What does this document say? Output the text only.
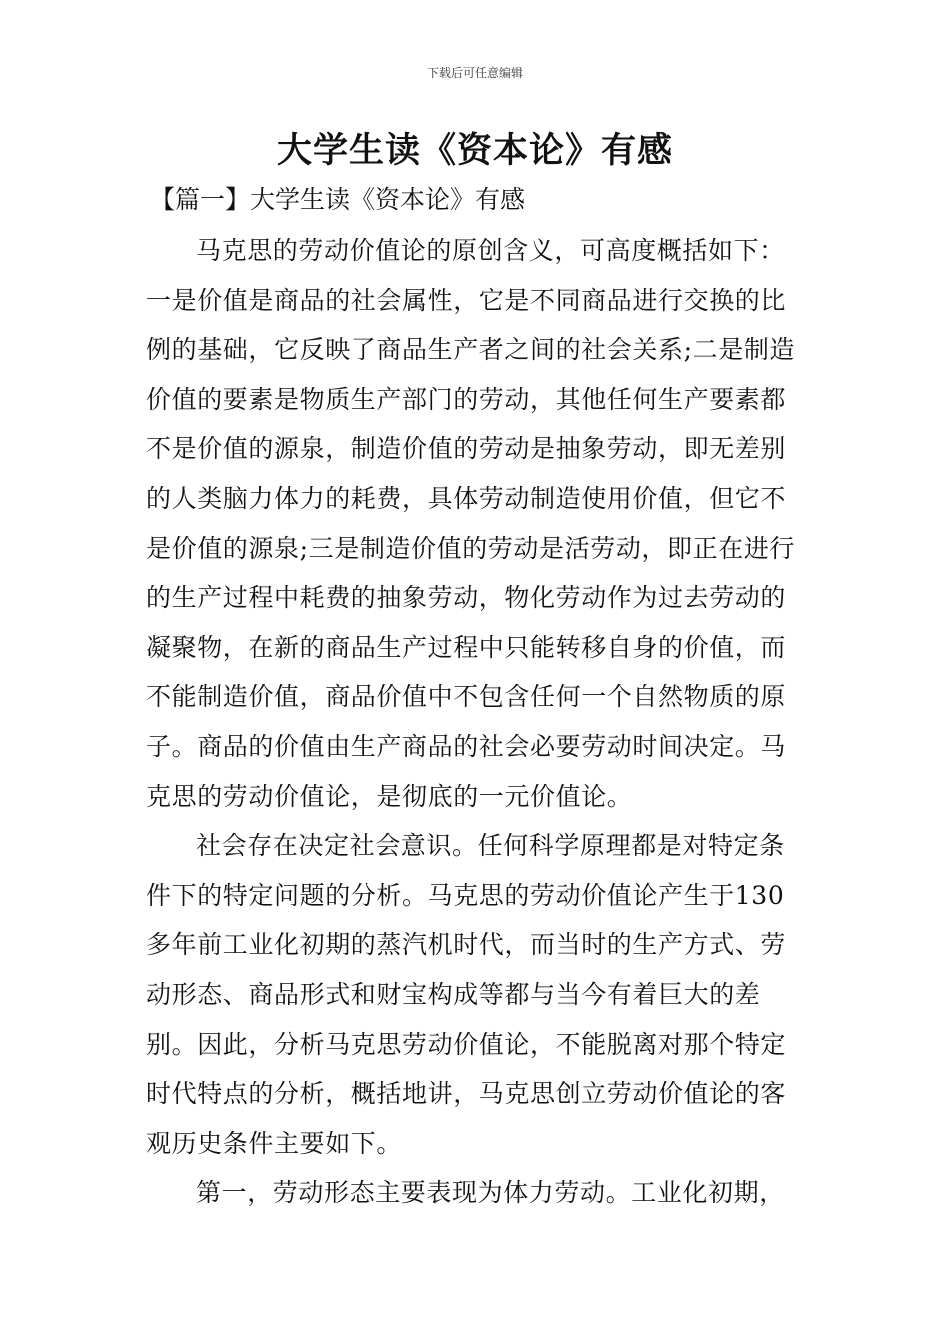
下载后可任意编辑
大学生读《资本论》有感
【篇一】大学生读《资本论》有感

马克思的劳动价值论的原创含义，可高度概括如下：一是价值是商品的社会属性，它是不同商品进行交换的比例的基础，它反映了商品生产者之间的社会关系;二是制造价值的要素是物质生产部门的劳动，其他任何生产要素都不是价值的源泉，制造价值的劳动是抽象劳动，即无差别的人类脑力体力的耗费，具体劳动制造使用价值，但它不是价值的源泉;三是制造价值的劳动是活劳动，即正在进行的生产过程中耗费的抽象劳动，物化劳动作为过去劳动的凝聚物，在新的商品生产过程中只能转移自身的价值，而不能制造价值，商品价值中不包含任何一个自然物质的原子。商品的价值由生产商品的社会必要劳动时间决定。马克思的劳动价值论，是彻底的一元价值论。

社会存在决定社会意识。任何科学原理都是对特定条件下的特定问题的分析。马克思的劳动价值论产生于130多年前工业化初期的蒸汽机时代，而当时的生产方式、劳动形态、商品形式和财宝构成等都与当今有着巨大的差别。因此，分析马克思劳动价值论，不能脱离对那个特定时代特点的分析，概括地讲，马克思创立劳动价值论的客观历史条件主要如下。

第一，劳动形态主要表现为体力劳动。工业化初期，
